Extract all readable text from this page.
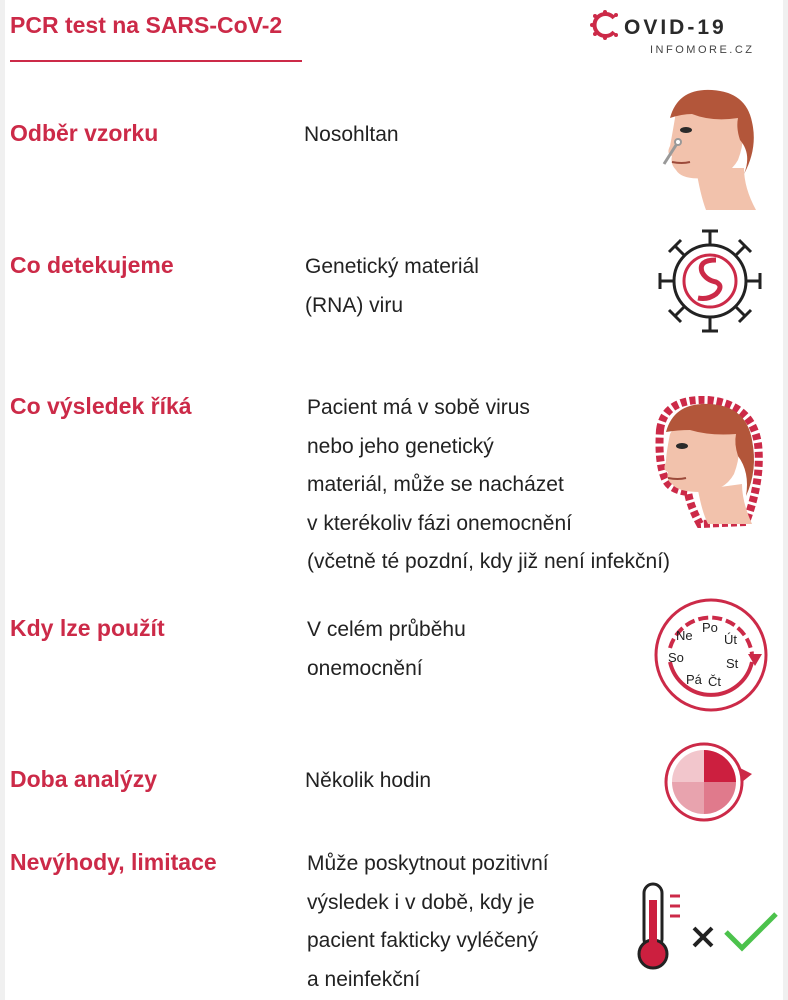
PCR test na SARS-CoV-2	OVID-19
INFOMORE.CZ
Odběr vzorku	Nosohltan
Co detekujeme	Genetický materiál
(RNA) viru
Co výsledek říká	Pacient má v sobě virus
nebo jeho genetický
materiál, může se nacházet
v kterékoliv fázi onemocnění
(včetně té pozdní, kdy již není infekční)
Kdy lze použít	V celém průběhu
onemocnění
Ne
Po
Út
St
Čt
Pá
So
Doba analýzy	Několik hodin
Nevýhody, limitace	Může poskytnout pozitivní
výsledek i v době, kdy je
pacient fakticky vyléčený
a neinfekční
